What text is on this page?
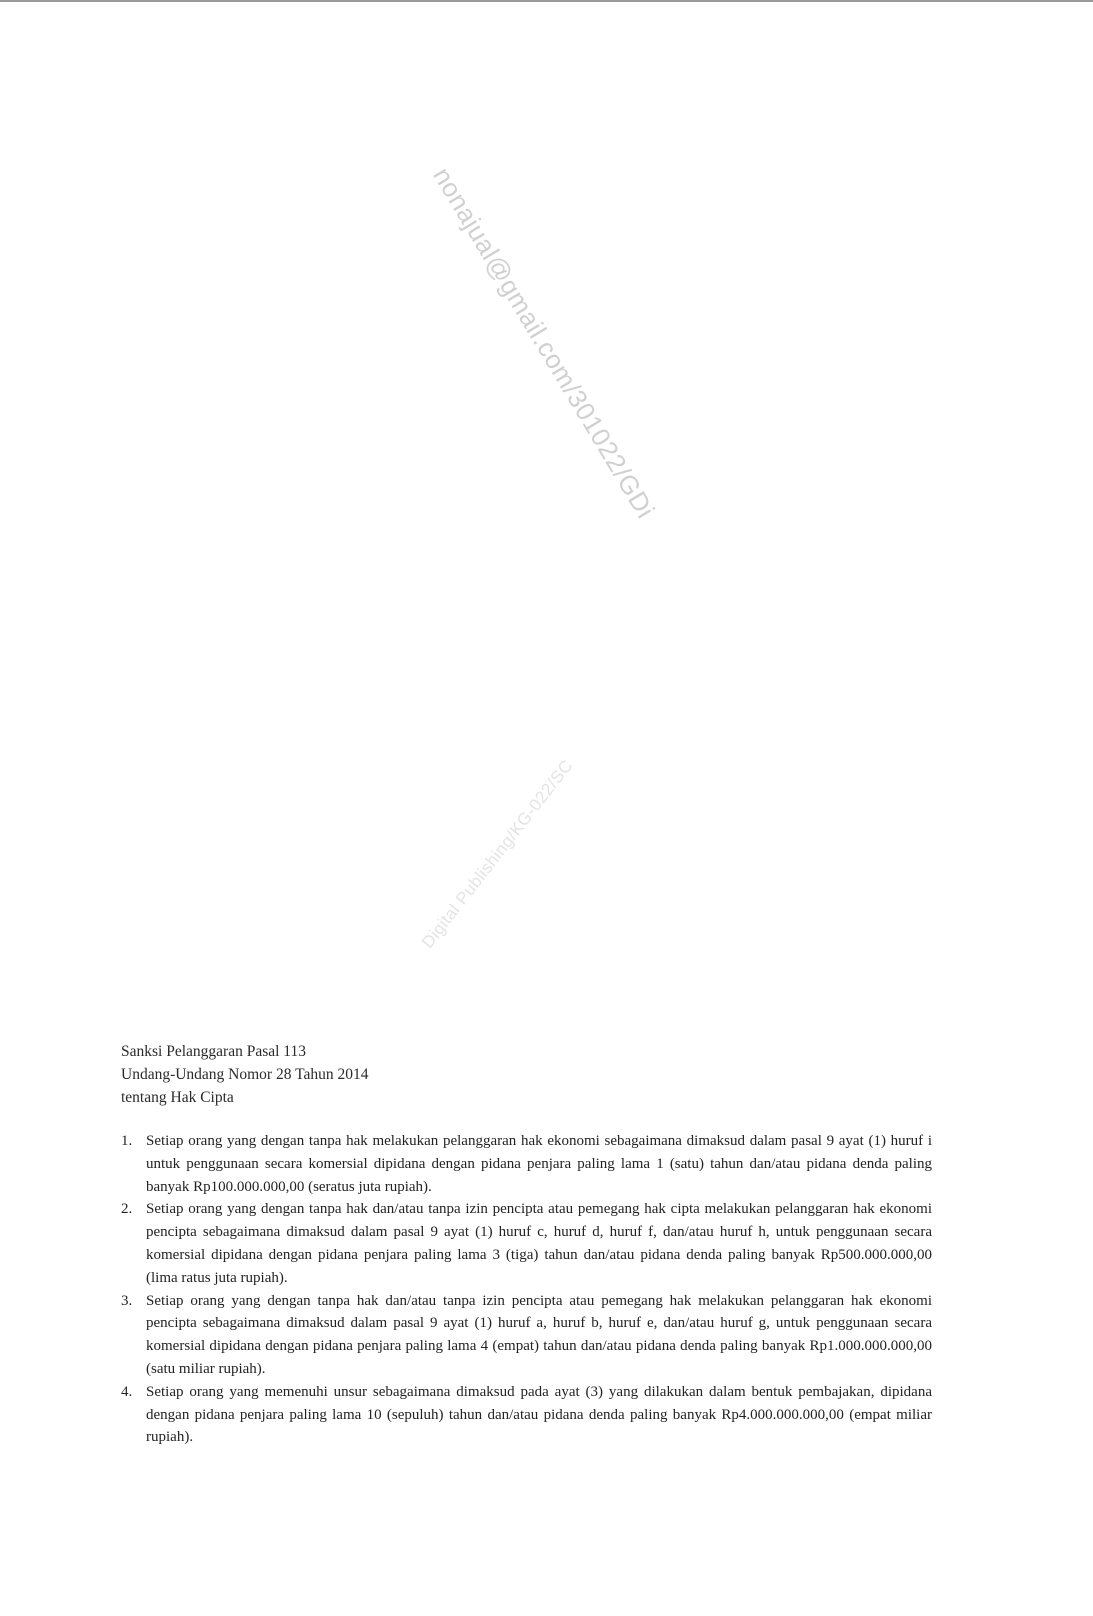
nonajual@gmail.com/301022/GDi
Digital Publishing/KG-022/SC
Sanksi Pelanggaran Pasal 113
Undang-Undang Nomor 28 Tahun 2014
tentang Hak Cipta
1. Setiap orang yang dengan tanpa hak melakukan pelanggaran hak ekonomi sebagaimana dimaksud dalam pasal 9 ayat (1) huruf i untuk penggunaan secara komersial dipidana dengan pidana penjara paling lama 1 (satu) tahun dan/atau pidana denda paling banyak Rp100.000.000,00 (seratus juta rupiah).
2. Setiap orang yang dengan tanpa hak dan/atau tanpa izin pencipta atau pemegang hak cipta melakukan pelanggaran hak ekonomi pencipta sebagaimana dimaksud dalam pasal 9 ayat (1) huruf c, huruf d, huruf f, dan/atau huruf h, untuk penggunaan secara komersial dipidana dengan pidana penjara paling lama 3 (tiga) tahun dan/atau pidana denda paling banyak Rp500.000.000,00 (lima ratus juta rupiah).
3. Setiap orang yang dengan tanpa hak dan/atau tanpa izin pencipta atau pemegang hak melakukan pelanggaran hak ekonomi pencipta sebagaimana dimaksud dalam pasal 9 ayat (1) huruf a, huruf b, huruf e, dan/atau huruf g, untuk penggunaan secara komersial dipidana dengan pidana penjara paling lama 4 (empat) tahun dan/atau pidana denda paling banyak Rp1.000.000.000,00 (satu miliar rupiah).
4. Setiap orang yang memenuhi unsur sebagaimana dimaksud pada ayat (3) yang dilakukan dalam bentuk pembajakan, dipidana dengan pidana penjara paling lama 10 (sepuluh) tahun dan/atau pidana denda paling banyak Rp4.000.000.000,00 (empat miliar rupiah).
